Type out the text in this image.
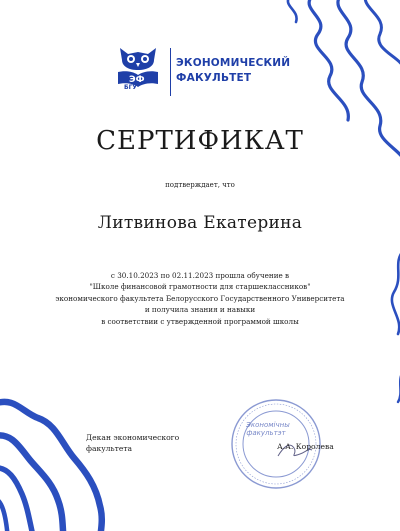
ЭФ
БГУ
ЭКОНОМИЧЕСКИЙ
ФАКУЛЬТЕТ
СЕРТИФИКАТ
подтверждает, что
Литвинова Екатерина
с 30.10.2023 по 02.11.2023 прошла обучение в
"Школе финансовой грамотности для старшеклассников"
экономического факультета Белорусского Государственного Университета
и получила знания и навыки
в соответствии с утвержденной программой школы
Экономічны факультэт
Декан экономического
факультета	А.А. Королева
